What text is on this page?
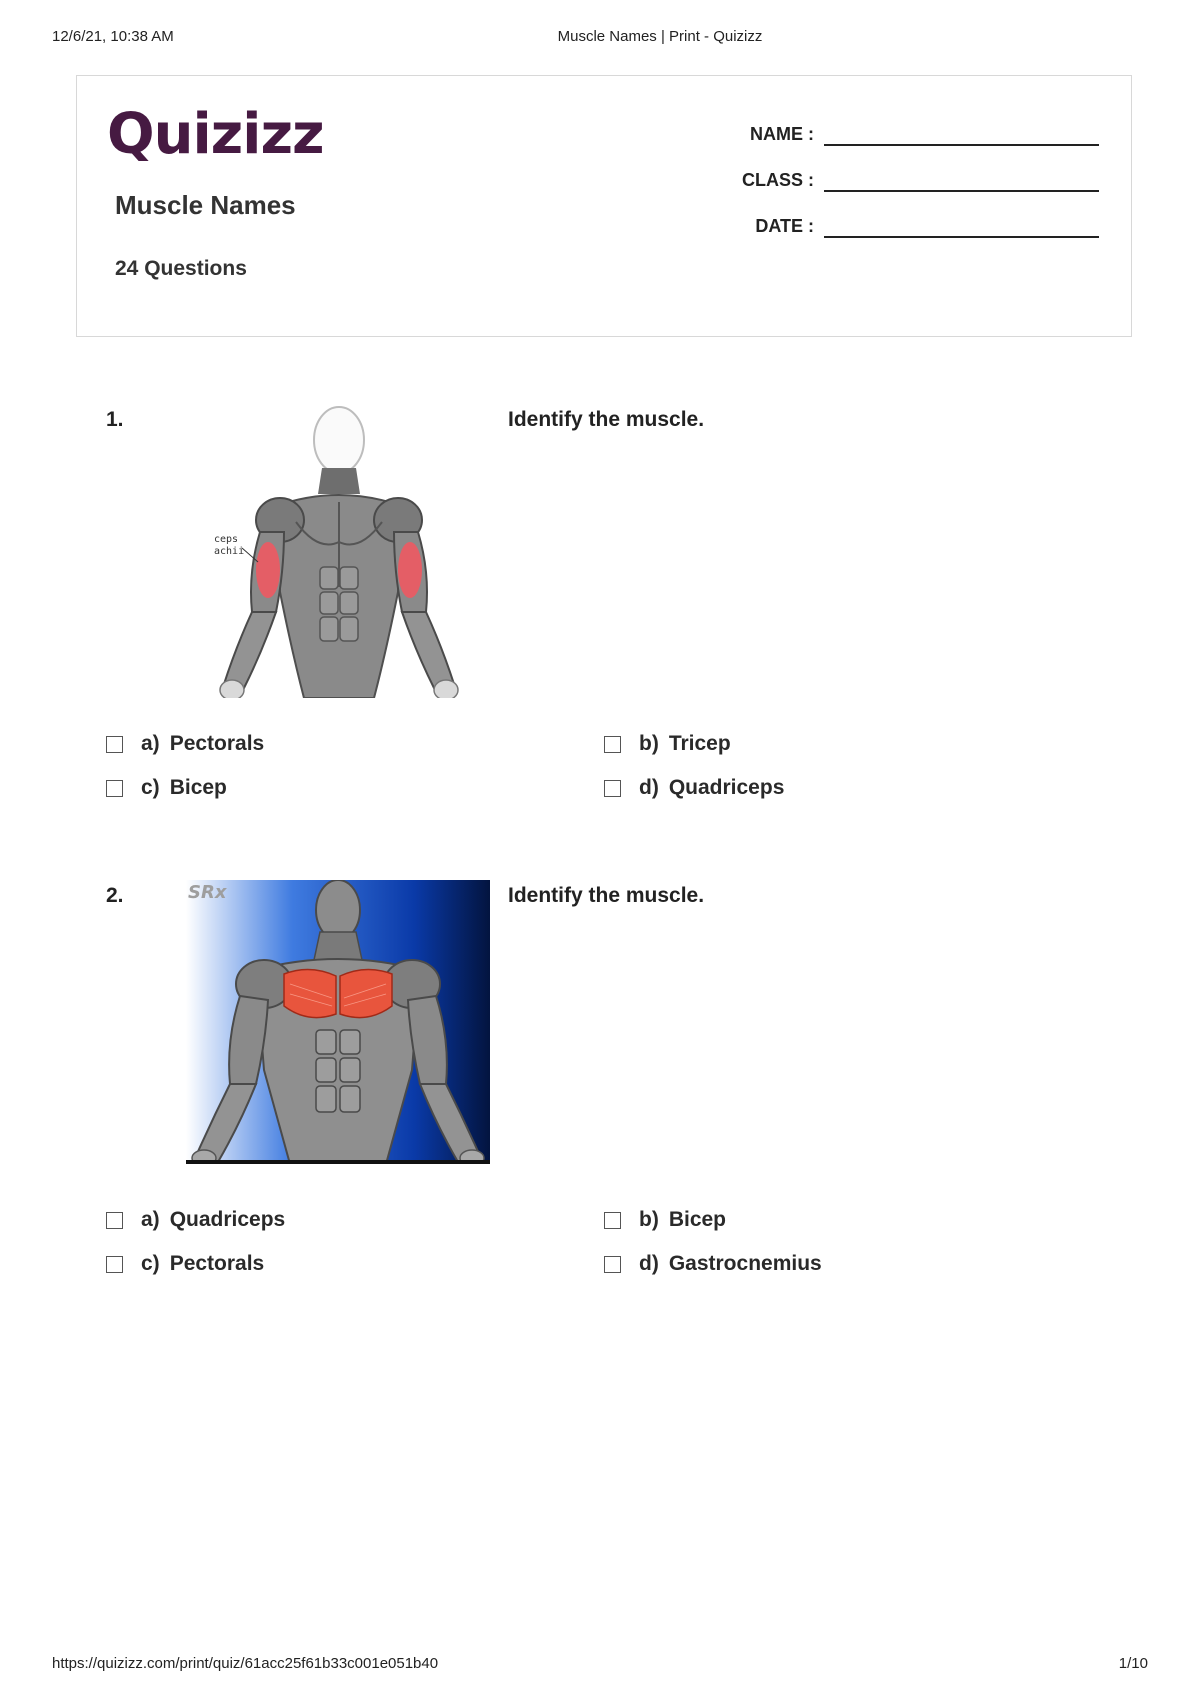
12/6/21, 10:38 AM	Muscle Names | Print - Quizizz
Quizizz
Muscle Names
24 Questions
NAME :
CLASS :
DATE :
1.	Identify the muscle.
ceps
achii
a) Pectorals	b) Tricep
c) Bicep	d) Quadriceps
2.	Identify the muscle.
SRx
a) Quadriceps	b) Bicep
c) Pectorals	d) Gastrocnemius
https://quizizz.com/print/quiz/61acc25f61b33c001e051b40	1/10
